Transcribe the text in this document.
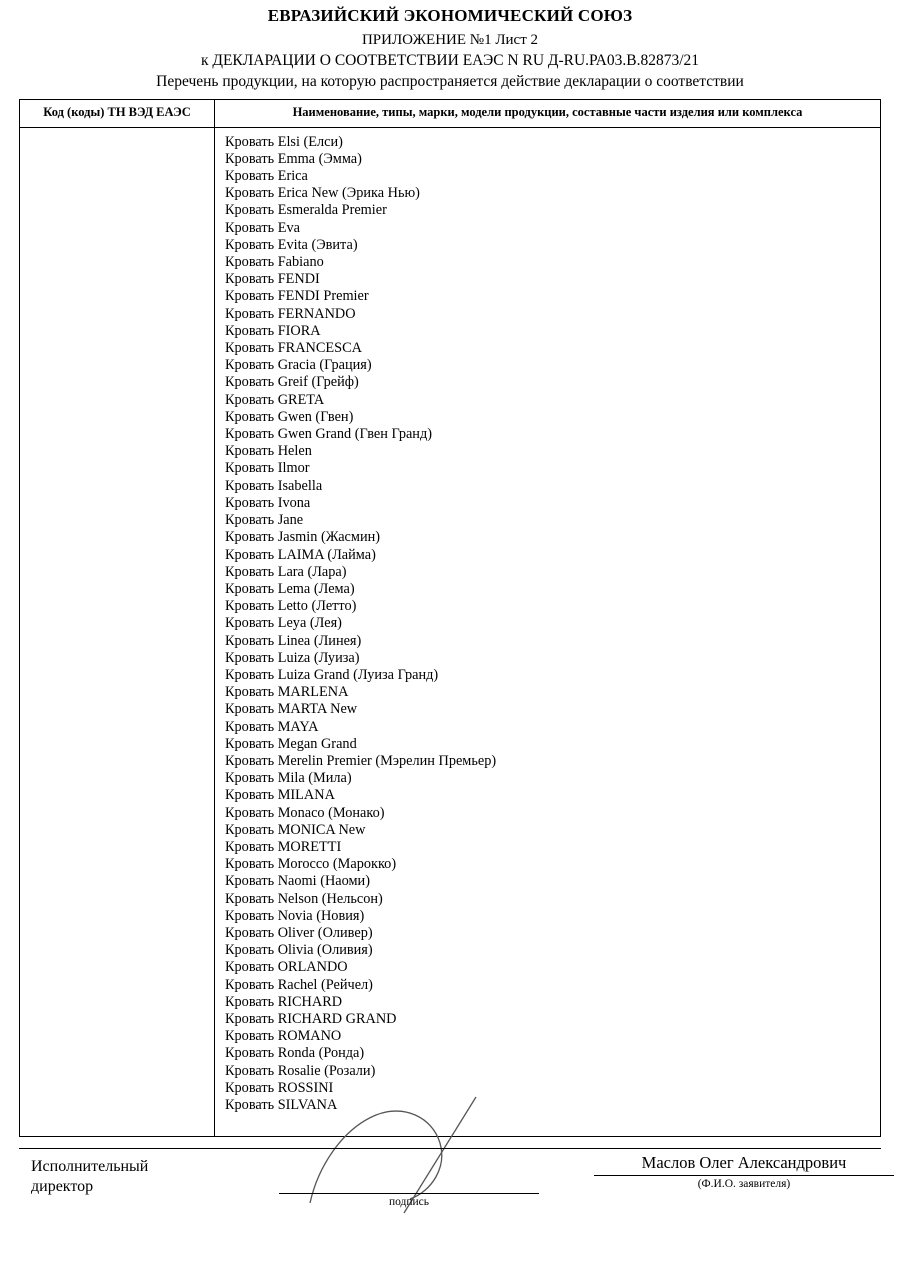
ЕВРАЗИЙСКИЙ ЭКОНОМИЧЕСКИЙ СОЮЗ
ПРИЛОЖЕНИЕ №1 Лист 2
к ДЕКЛАРАЦИИ О СООТВЕТСТВИИ ЕАЭС N RU Д-RU.РА03.В.82873/21
Перечень продукции, на которую распространяется действие декларации о соответствии
Код (коды) ТН ВЭД ЕАЭС	Наименование, типы, марки, модели продукции, составные части изделия или комплекса

Кровать Elsi (Елси)
Кровать Emma (Эмма)
Кровать Erica
Кровать Erica New (Эрика Нью)
Кровать Esmeralda Premier
Кровать Eva
Кровать Evita (Эвита)
Кровать Fabiano
Кровать FENDI
Кровать FENDI Premier
Кровать FERNANDO
Кровать FIORA
Кровать FRANCESCA
Кровать Gracia (Грация)
Кровать Greif (Грейф)
Кровать GRETA
Кровать Gwen (Гвен)
Кровать Gwen Grand (Гвен Гранд)
Кровать Helen
Кровать Ilmor
Кровать Isabella
Кровать Ivona
Кровать Jane
Кровать Jasmin (Жасмин)
Кровать LAIMA (Лайма)
Кровать Lara (Лара)
Кровать Lema (Лема)
Кровать Letto (Летто)
Кровать Leya (Лея)
Кровать Linea (Линея)
Кровать Luiza (Луиза)
Кровать Luiza Grand (Луиза Гранд)
Кровать MARLENA
Кровать MARTA New
Кровать MAYA
Кровать Megan Grand
Кровать Merelin Premier (Мэрелин Премьер)
Кровать Mila (Мила)
Кровать MILANA
Кровать Monaco (Монако)
Кровать MONICA New
Кровать MORETTI
Кровать Morocco (Марокко)
Кровать Naomi (Наоми)
Кровать Nelson (Нельсон)
Кровать Novia (Новия)
Кровать Oliver (Оливер)
Кровать Olivia (Оливия)
Кровать ORLANDO
Кровать Rachel (Рейчел)
Кровать RICHARD
Кровать RICHARD GRAND
Кровать ROMANO
Кровать Ronda (Ронда)
Кровать Rosalie (Розали)
Кровать ROSSINI
Кровать SILVANA
Исполнительный
директор
подпись
Маслов Олег Александрович
(Ф.И.О. заявителя)
